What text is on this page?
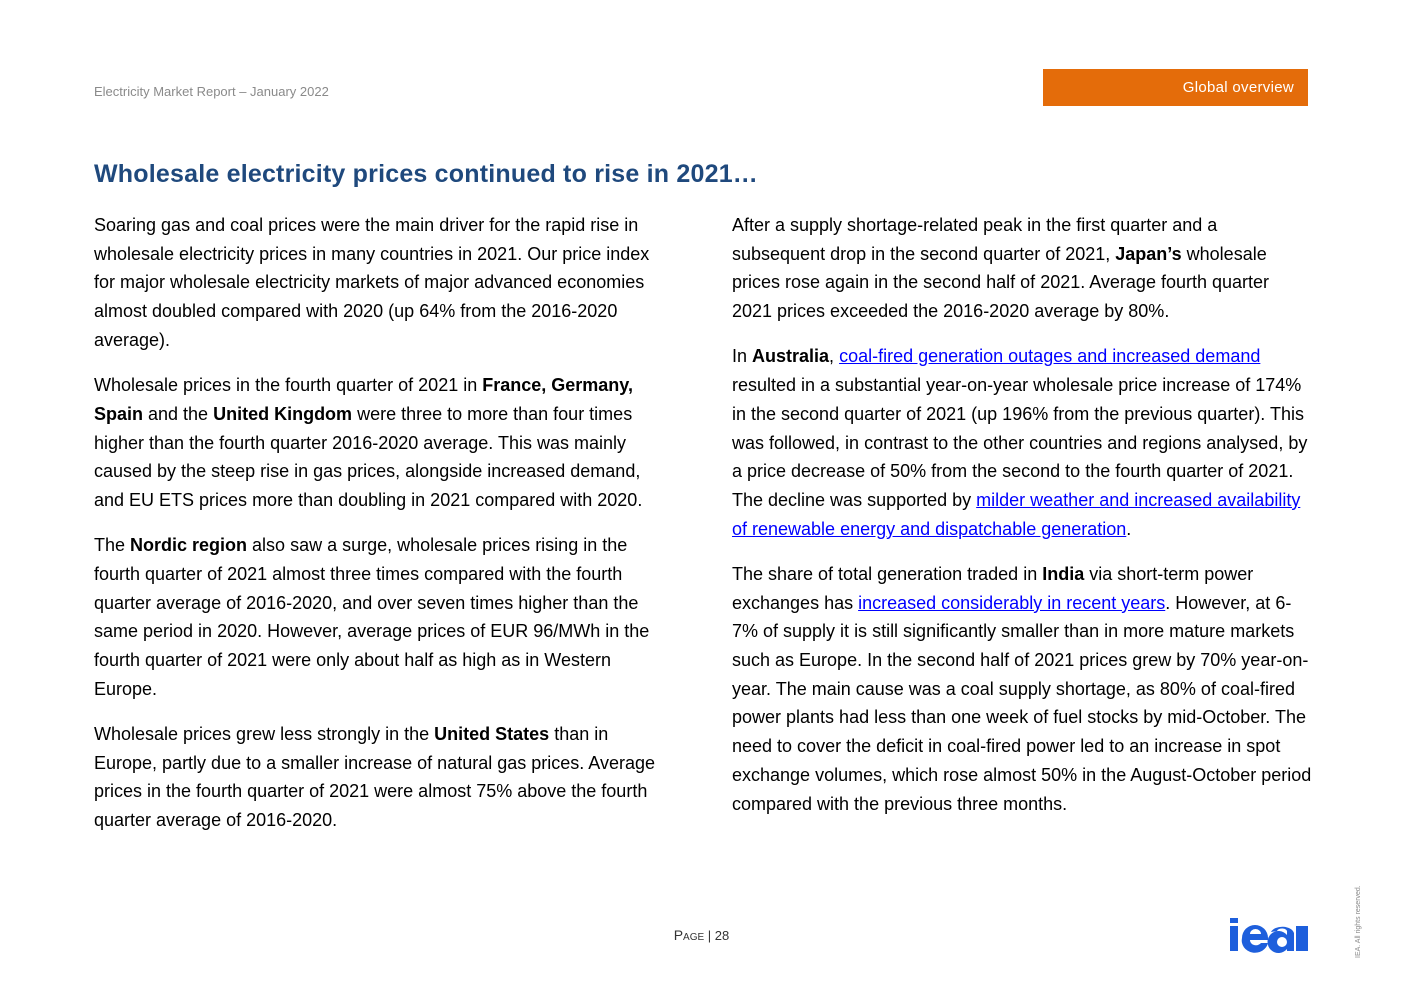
Electricity Market Report – January 2022	Global overview
Wholesale electricity prices continued to rise in 2021…

Soaring gas and coal prices were the main driver for the rapid rise in wholesale electricity prices in many countries in 2021. Our price index for major wholesale electricity markets of major advanced economies almost doubled compared with 2020 (up 64% from the 2016-2020 average).

Wholesale prices in the fourth quarter of 2021 in France, Germany, Spain and the United Kingdom were three to more than four times higher than the fourth quarter 2016-2020 average. This was mainly caused by the steep rise in gas prices, alongside increased demand, and EU ETS prices more than doubling in 2021 compared with 2020.

The Nordic region also saw a surge, wholesale prices rising in the fourth quarter of 2021 almost three times compared with the fourth quarter average of 2016-2020, and over seven times higher than the same period in 2020. However, average prices of EUR 96/MWh in the fourth quarter of 2021 were only about half as high as in Western Europe.

Wholesale prices grew less strongly in the United States than in Europe, partly due to a smaller increase of natural gas prices. Average prices in the fourth quarter of 2021 were almost 75% above the fourth quarter average of 2016-2020.

After a supply shortage-related peak in the first quarter and a subsequent drop in the second quarter of 2021, Japan’s wholesale prices rose again in the second half of 2021. Average fourth quarter 2021 prices exceeded the 2016-2020 average by 80%.

In Australia, coal-fired generation outages and increased demand resulted in a substantial year-on-year wholesale price increase of 174% in the second quarter of 2021 (up 196% from the previous quarter). This was followed, in contrast to the other countries and regions analysed, by a price decrease of 50% from the second to the fourth quarter of 2021. The decline was supported by milder weather and increased availability of renewable energy and dispatchable generation.

The share of total generation traded in India via short-term power exchanges has increased considerably in recent years. However, at 6-7% of supply it is still significantly smaller than in more mature markets such as Europe. In the second half of 2021 prices grew by 70% year-on-year. The main cause was a coal supply shortage, as 80% of coal-fired power plants had less than one week of fuel stocks by mid-October. The need to cover the deficit in coal-fired power led to an increase in spot exchange volumes, which rose almost 50% in the August-October period compared with the previous three months.

Page | 28	IEA. All rights reserved.
